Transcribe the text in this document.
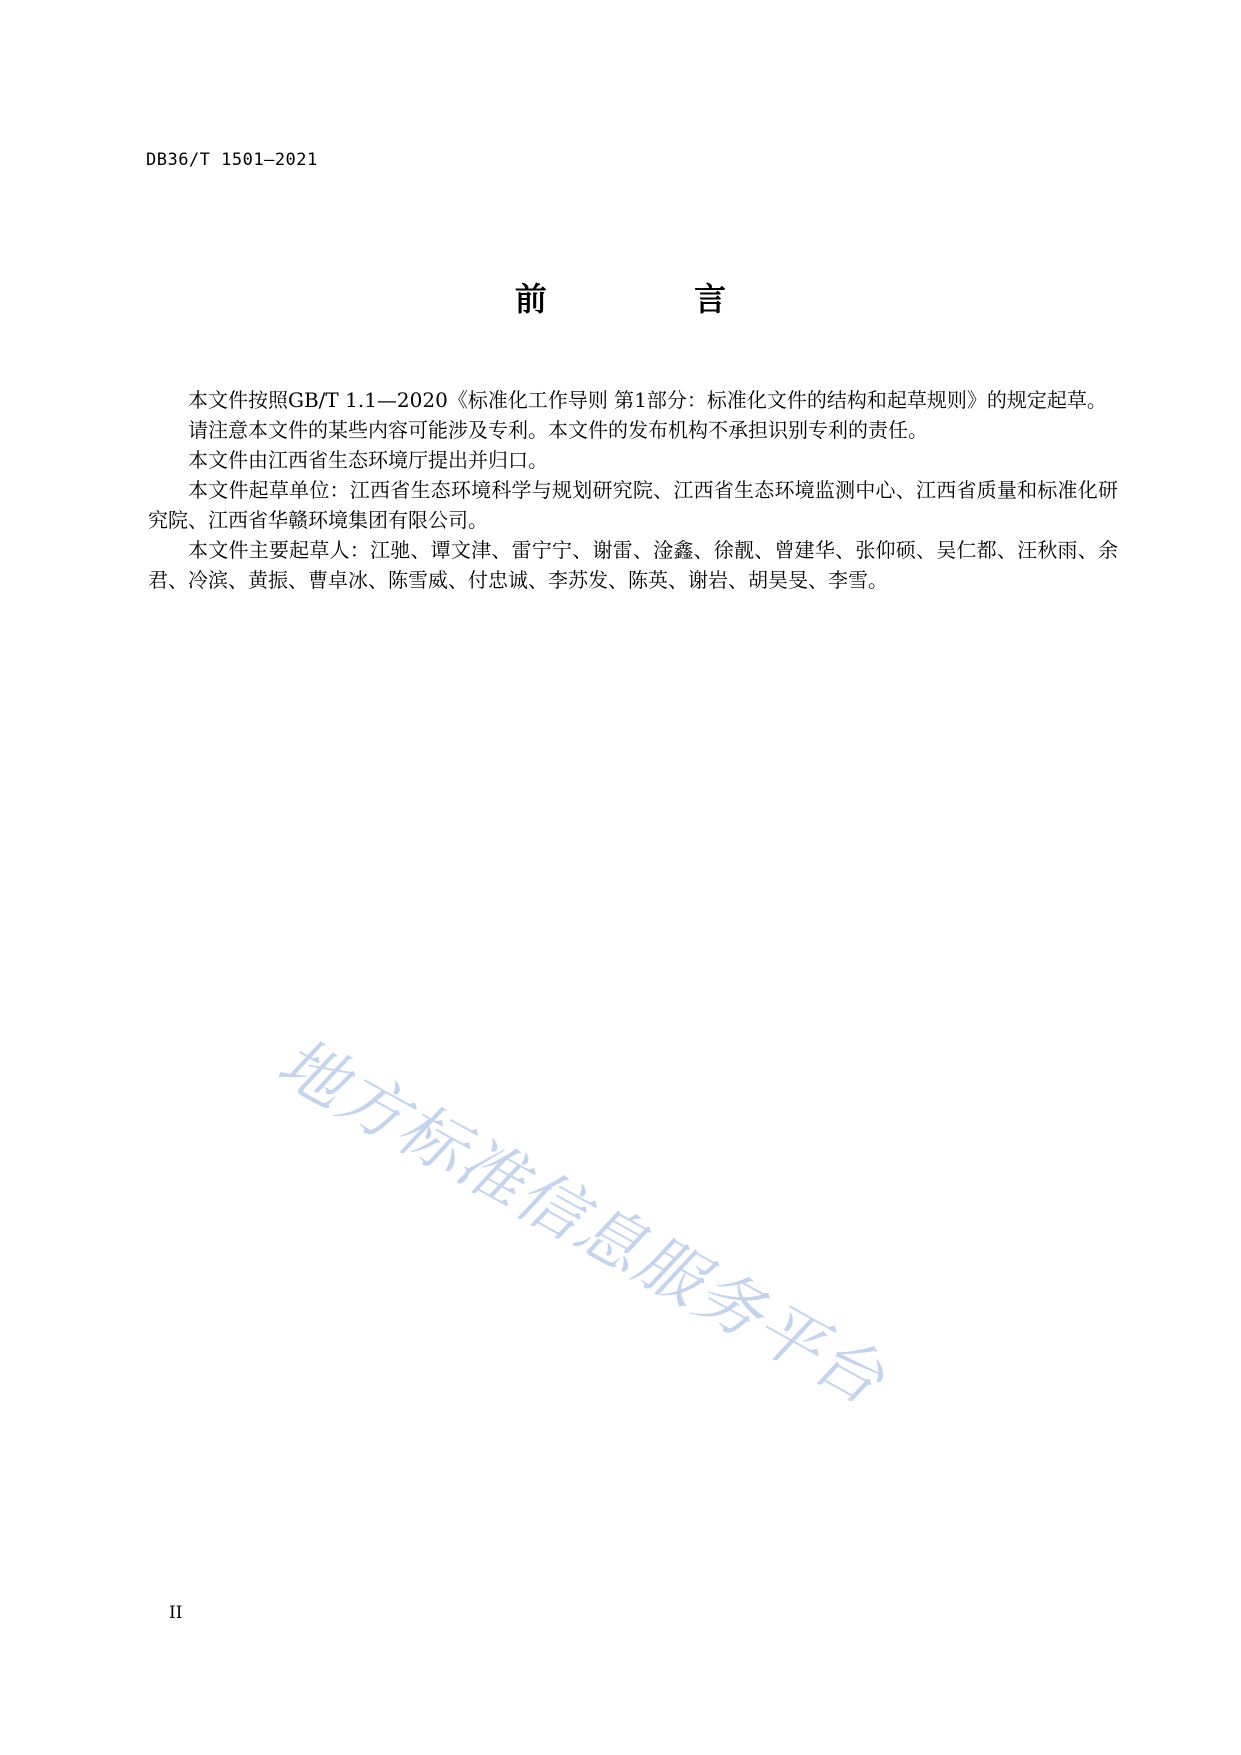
DB36/T 1501—2021
前 言

本文件按照GB/T 1.1—2020《标准化工作导则 第1部分：标准化文件的结构和起草规则》的规定起草。

请注意本文件的某些内容可能涉及专利。本文件的发布机构不承担识别专利的责任。

本文件由江西省生态环境厅提出并归口。

本文件起草单位：江西省生态环境科学与规划研究院、江西省生态环境监测中心、江西省质量和标准化研究院、江西省华赣环境集团有限公司。

本文件主要起草人：江驰、谭文津、雷宁宁、谢雷、淦鑫、徐靓、曾建华、张仰硕、吴仁都、汪秋雨、余君、冷滨、黄振、曹卓冰、陈雪威、付忠诚、李苏发、陈英、谢岩、胡昊旻、李雪。

地方标准信息服务平台
II
